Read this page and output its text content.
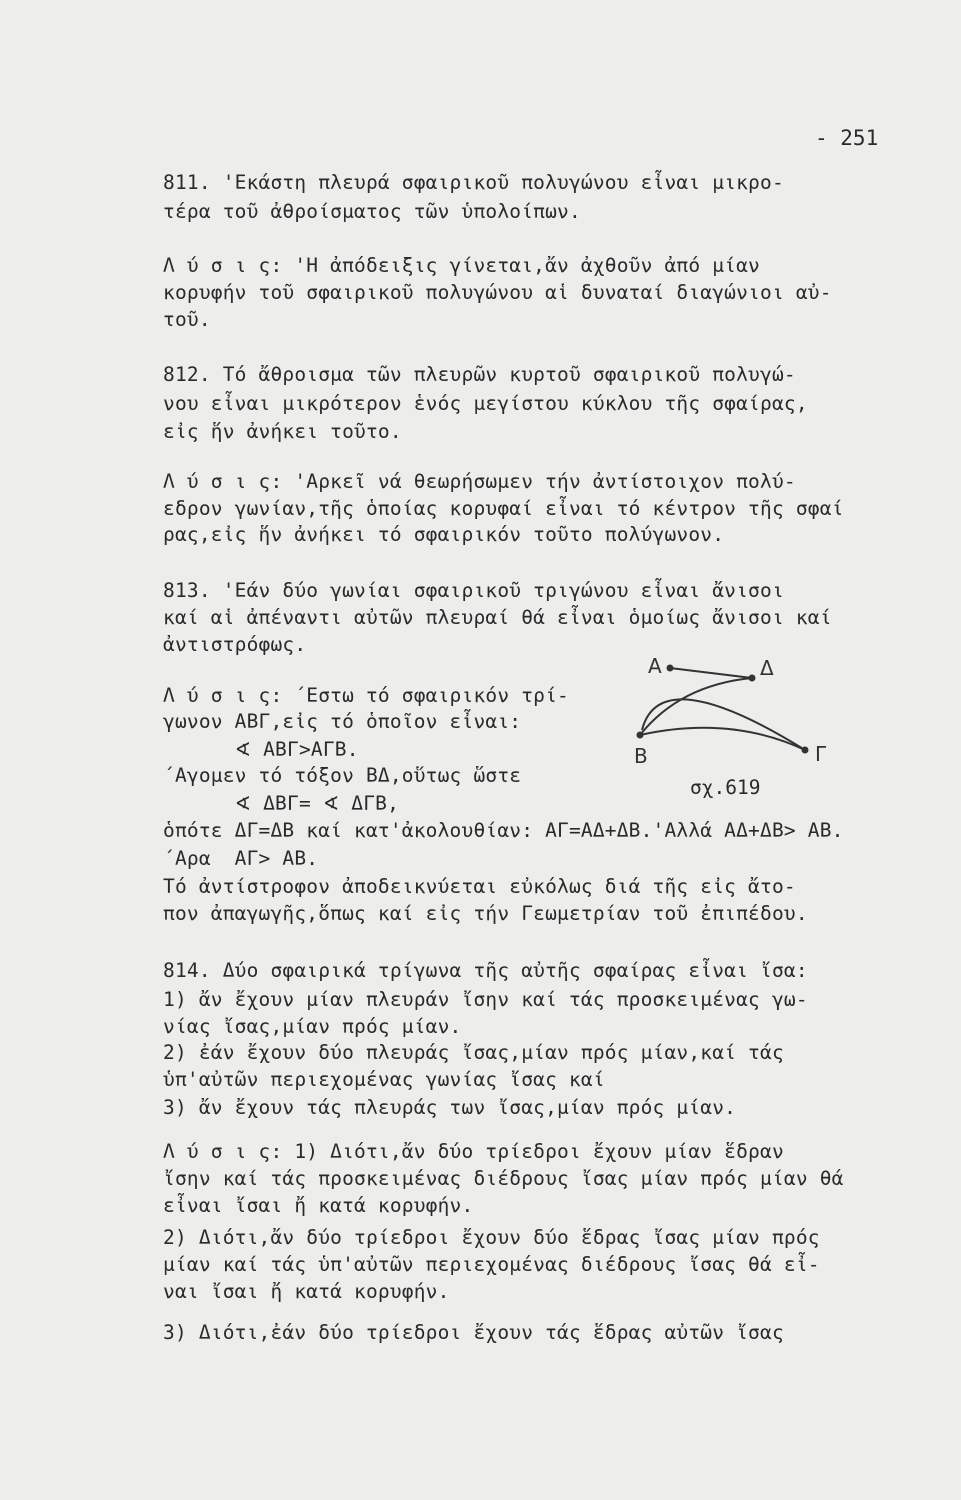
- 251
811. 'Εκάστη πλευρά σφαιρικοῦ πολυγώνου εἶναι μικρο-
τέρα τοῦ ἀθροίσματος τῶν ὑπολοίπων.
Λ ύ σ ι ς: 'Η ἀπόδειξις γίνεται,ἄν ἀχθοῦν ἀπό μίαν
κορυφήν τοῦ σφαιρικοῦ πολυγώνου αἱ δυναταί διαγώνιοι αὐ-
τοῦ.
812. Τό ἄθροισμα τῶν πλευρῶν κυρτοῦ σφαιρικοῦ πολυγώ-
νου εἶναι μικρότερον ἑνός μεγίστου κύκλου τῆς σφαίρας,
εἰς ἥν ἀνήκει τοῦτο.
Λ ύ σ ι ς: 'Αρκεῖ νά θεωρήσωμεν τήν ἀντίστοιχον πολύ-
εδρον γωνίαν,τῆς ὁποίας κορυφαί εἶναι τό κέντρον τῆς σφαί
ρας,εἰς ἥν ἀνήκει τό σφαιρικόν τοῦτο πολύγωνον.
813. 'Εάν δύο γωνίαι σφαιρικοῦ τριγώνου εἶναι ἄνισοι
καί αἱ ἀπέναντι αὐτῶν πλευραί θά εἶναι ὁμοίως ἄνισοι καί
ἀντιστρόφως.
Λ ύ σ ι ς: ΄Εστω τό σφαιρικόν τρί-
γωνον ΑΒΓ,εἰς τό ὁποῖον εἶναι:
∢ ΑΒΓ>ΑΓΒ.
΄Αγομεν τό τόξον ΒΔ,οὕτως ὥστε
∢ ΔΒΓ= ∢ ΔΓΒ,
ὁπότε ΔΓ=ΔΒ καί κατ'ἀκολουθίαν: ΑΓ=ΑΔ+ΔΒ.'Αλλά ΑΔ+ΔΒ> ΑΒ.
΄Αρα  ΑΓ> ΑΒ.
Τό ἀντίστροφον ἀποδεικνύεται εὐκόλως διά τῆς εἰς ἄτο-
πον ἀπαγωγῆς,ὅπως καί εἰς τήν Γεωμετρίαν τοῦ ἐπιπέδου.
814. Δύο σφαιρικά τρίγωνα τῆς αὐτῆς σφαίρας εἶναι ἴσα:
1) ἄν ἔχουν μίαν πλευράν ἴσην καί τάς προσκειμένας γω-
νίας ἴσας,μίαν πρός μίαν.
2) ἐάν ἔχουν δύο πλευράς ἴσας,μίαν πρός μίαν,καί τάς
ὑπ'αὐτῶν περιεχομένας γωνίας ἴσας καί
3) ἄν ἔχουν τάς πλευράς των ἴσας,μίαν πρός μίαν.
Λ ύ σ ι ς: 1) Διότι,ἄν δύο τρίεδροι ἔχουν μίαν ἕδραν
ἴσην καί τάς προσκειμένας διέδρους ἴσας μίαν πρός μίαν θά
εἶναι ἴσαι ἤ κατά κορυφήν.
2) Διότι,ἄν δύο τρίεδροι ἔχουν δύο ἕδρας ἴσας μίαν πρός
μίαν καί τάς ὑπ'αὐτῶν περιεχομένας διέδρους ἴσας θά εἶ-
ναι ἴσαι ἤ κατά κορυφήν.
3) Διότι,ἐάν δύο τρίεδροι ἔχουν τάς ἕδρας αὐτῶν ἴσας
Α	Δ
Β	Γ
σχ.619
